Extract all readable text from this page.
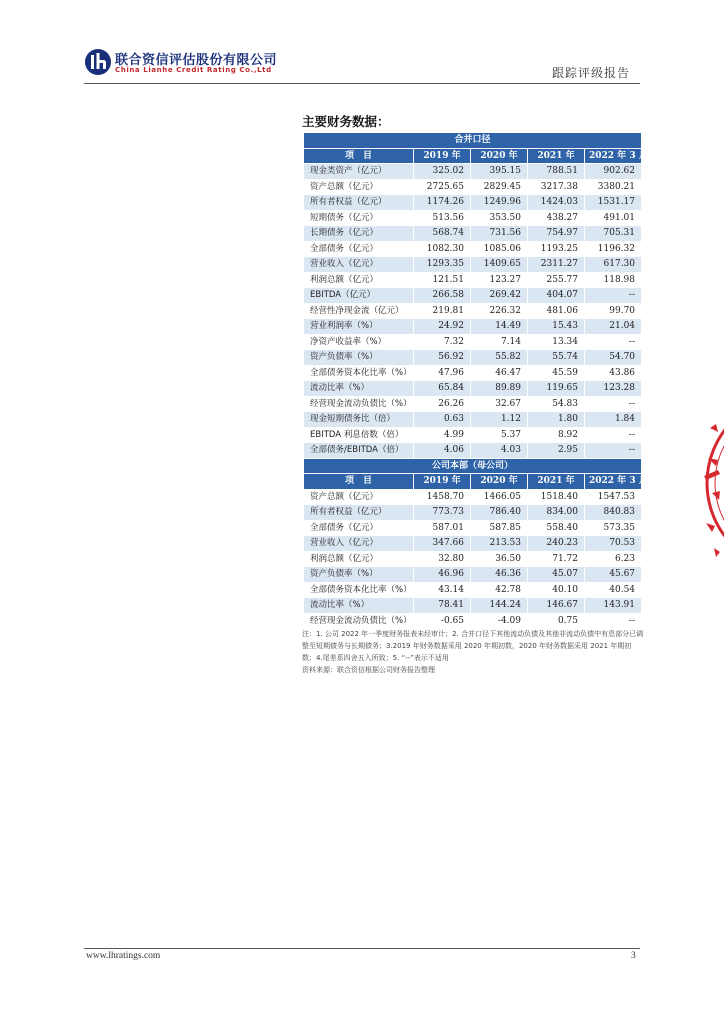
联合资信评估股份有限公司
China Lianhe Credit Rating Co.,Ltd	跟踪评级报告
主要财务数据：
合并口径				
项　目	2019 年	2020 年	2021 年	2022 年 3 月
现金类资产（亿元）	325.02	395.15	788.51	902.62
资产总额（亿元）	2725.65	2829.45	3217.38	3380.21
所有者权益（亿元）	1174.26	1249.96	1424.03	1531.17
短期债务（亿元）	513.56	353.50	438.27	491.01
长期债务（亿元）	568.74	731.56	754.97	705.31
全部债务（亿元）	1082.30	1085.06	1193.25	1196.32
营业收入（亿元）	1293.35	1409.65	2311.27	617.30
利润总额（亿元）	121.51	123.27	255.77	118.98
EBITDA（亿元）	266.58	269.42	404.07	--
经营性净现金流（亿元）	219.81	226.32	481.06	99.70
营业利润率（%）	24.92	14.49	15.43	21.04
净资产收益率（%）	7.32	7.14	13.34	--
资产负债率（%）	56.92	55.82	55.74	54.70
全部债务资本化比率（%）	47.96	46.47	45.59	43.86
流动比率（%）	65.84	89.89	119.65	123.28
经营现金流动负债比（%）	26.26	32.67	54.83	--
现金短期债务比（倍）	0.63	1.12	1.80	1.84
EBITDA 利息倍数（倍）	4.99	5.37	8.92	--
全部债务/EBITDA（倍）	4.06	4.03	2.95	--
公司本部（母公司）				
项　目	2019 年	2020 年	2021 年	2022 年 3 月
资产总额（亿元）	1458.70	1466.05	1518.40	1547.53
所有者权益（亿元）	773.73	786.40	834.00	840.83
全部债务（亿元）	587.01	587.85	558.40	573.35
营业收入（亿元）	347.66	213.53	240.23	70.53
利润总额（亿元）	32.80	36.50	71.72	6.23
资产负债率（%）	46.96	46.36	45.07	45.67
全部债务资本化比率（%）	43.14	42.78	40.10	40.54
流动比率（%）	78.41	144.24	146.67	143.91
经营现金流动负债比（%）	-0.65	-4.09	0.75	--

注：1. 公司 2022 年一季度财务报表未经审计；2. 合并口径下其他流动负债及其他非流动负债中有息部分已调整至短期债务与长期债务；3.2019 年财务数据采用 2020 年期初数，2020 年财务数据采用 2021 年期初数；4.尾差系四舍五入所致；5. “--”表示不适用

资料来源：联合资信根据公司财务报告整理

www.lhratings.com	3
